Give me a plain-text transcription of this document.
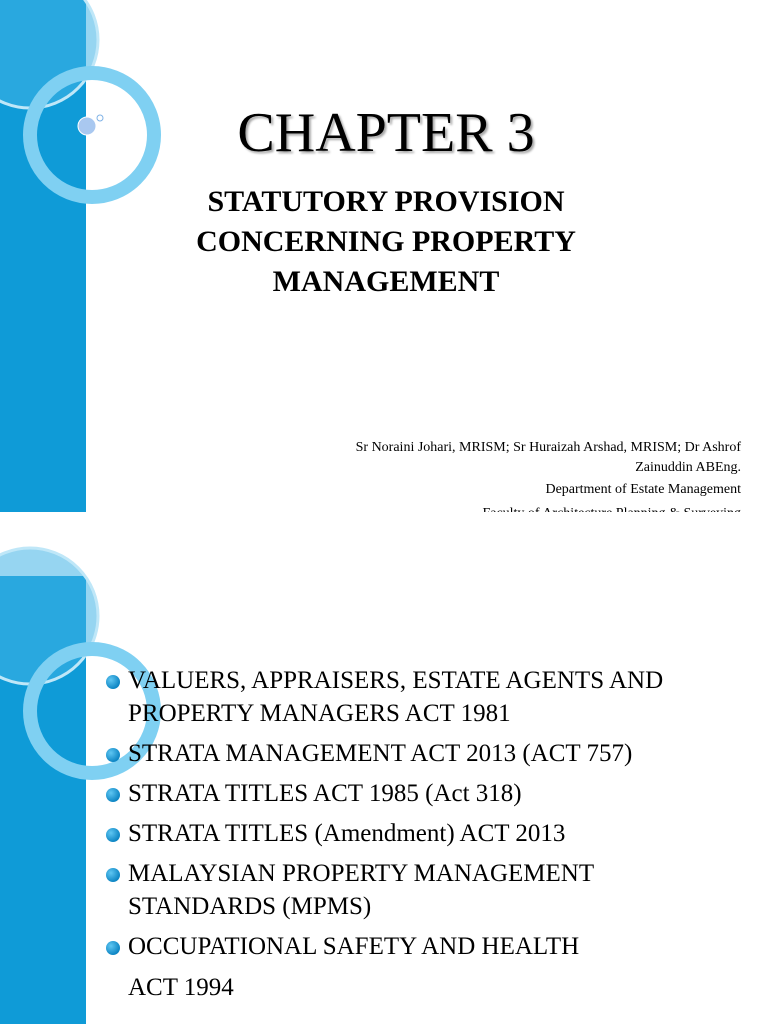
CHAPTER 3
STATUTORY PROVISION
CONCERNING PROPERTY
MANAGEMENT
Sr Noraini Johari, MRISM; Sr Huraizah Arshad, MRISM; Dr Ashrof
Zainuddin ABEng.
Department of Estate Management
VALUERS, APPRAISERS, ESTATE AGENTS AND
PROPERTY MANAGERS ACT 1981
STRATA MANAGEMENT ACT 2013 (ACT 757)
STRATA TITLES ACT 1985 (Act 318)
STRATA TITLES (Amendment) ACT 2013
MALAYSIAN PROPERTY MANAGEMENT
STANDARDS (MPMS)
OCCUPATIONAL SAFETY AND HEALTH
ACT 1994
